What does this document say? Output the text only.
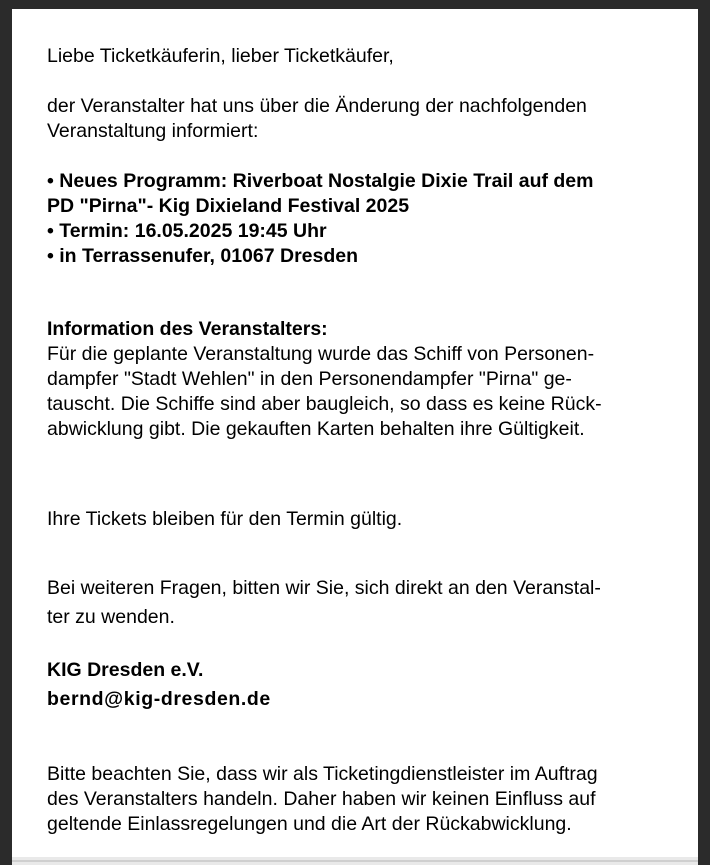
Liebe Ticketkäuferin, lieber Ticketkäufer,

der Veranstalter hat uns über die Änderung der nachfolgenden
Veranstaltung informiert:

• Neues Programm: Riverboat Nostalgie Dixie Trail auf dem
PD "Pirna"- Kig Dixieland Festival 2025
• Termin: 16.05.2025 19:45 Uhr
• in Terrassenufer, 01067 Dresden
Information des Veranstalters:
Für die geplante Veranstaltung wurde das Schiff von Personen-
dampfer "Stadt Wehlen" in den Personendampfer "Pirna" ge-
tauscht. Die Schiffe sind aber baugleich, so dass es keine Rück-
abwicklung gibt. Die gekauften Karten behalten ihre Gültigkeit.

Ihre Tickets bleiben für den Termin gültig.

Bei weiteren Fragen, bitten wir Sie, sich direkt an den Veranstal-
ter zu wenden.
KIG Dresden e.V.
bernd@kig-dresden.de
Bitte beachten Sie, dass wir als Ticketingdienstleister im Auftrag
des Veranstalters handeln. Daher haben wir keinen Einfluss auf
geltende Einlassregelungen und die Art der Rückabwicklung.
